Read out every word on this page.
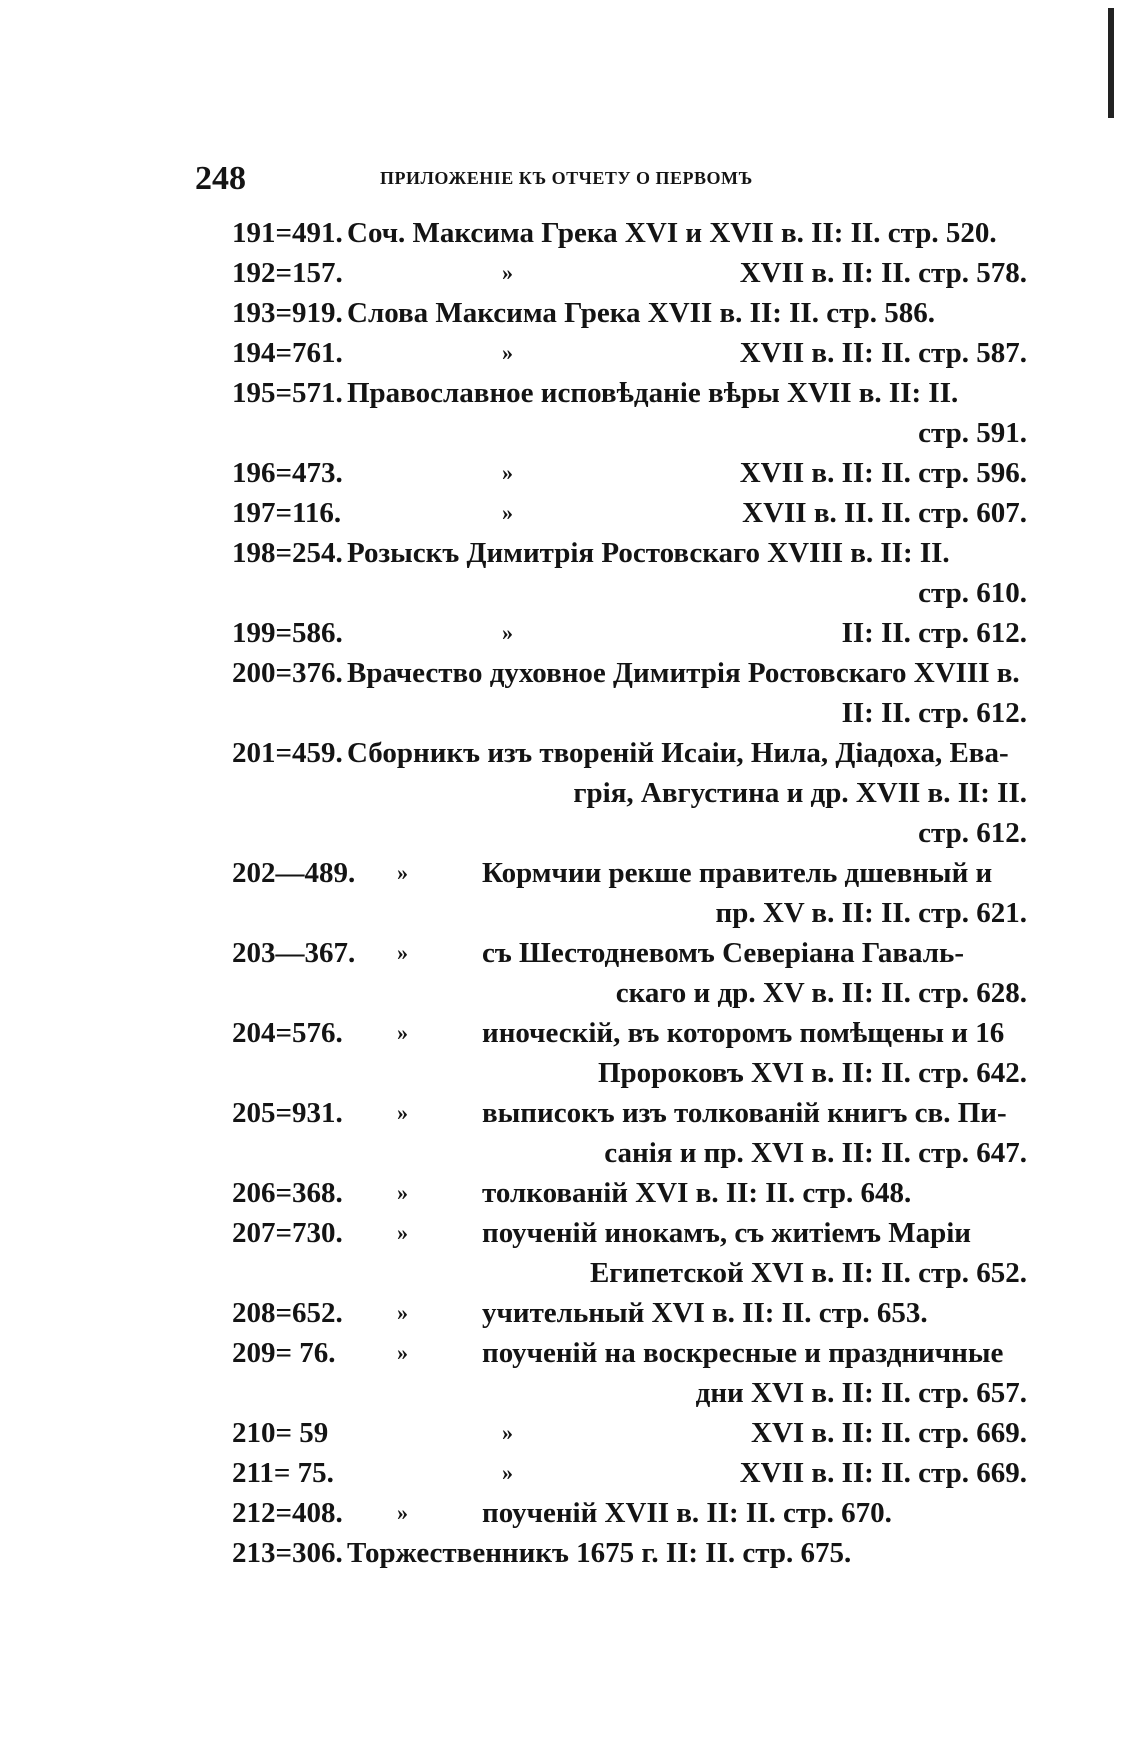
248	ПРИЛОЖЕНІЕ КЪ ОТЧЕТУ О ПЕРВОМЪ
191=491. Соч. Максима Грека XVI и XVII в. II: II. стр. 520.
192=157.	»	XVII в. II: II. стр. 578.
193=919. Слова Максима Грека XVII в. II: II. стр. 586.
194=761.	»	XVII в. II: II. стр. 587.
195=571. Православное исповѣданіе вѣры XVII в. II: II.
стр. 591.
196=473.	»	XVII в. II: II. стр. 596.
197=116.	»	XVII в. II. II. стр. 607.
198=254. Розыскъ Димитрія Ростовскаго XVIII в. II: II.
стр. 610.
199=586.	»	II: II. стр. 612.
200=376. Врачество духовное Димитрія Ростовскаго XVIII в.
II: II. стр. 612.
201=459. Сборникъ изъ твореній Исаіи, Нила, Діадоха, Ева-
грія, Августина и др. XVII в. II: II.
стр. 612.
202—489. »	Кормчии рекше правитель дшевный и
пр. XV в. II: II. стр. 621.
203—367. »	съ Шестодневомъ Северіана Гаваль-
скаго и др. XV в. II: II. стр. 628.
204=576. »	иноческій, въ которомъ помѣщены и 16
Пророковъ XVI в. II: II. стр. 642.
205=931. »	выписокъ изъ толкованій книгъ св. Пи-
санія и пр. XVI в. II: II. стр. 647.
206=368. »	толкованій XVI в. II: II. стр. 648.
207=730. »	поученій инокамъ, съ житіемъ Маріи
Египетской XVI в. II: II. стр. 652.
208=652. »	учительный XVI в. II: II. стр. 653.
209= 76.	»	поученій на воскресные и праздничные
дни XVI в. II: II. стр. 657.
210= 59	»	XVI в. II: II. стр. 669.
211= 75.	»	XVII в. II: II. стр. 669.
212=408. »	поученій XVII в. II: II. стр. 670.
213=306. Торжественникъ 1675 г. II: II. стр. 675.
